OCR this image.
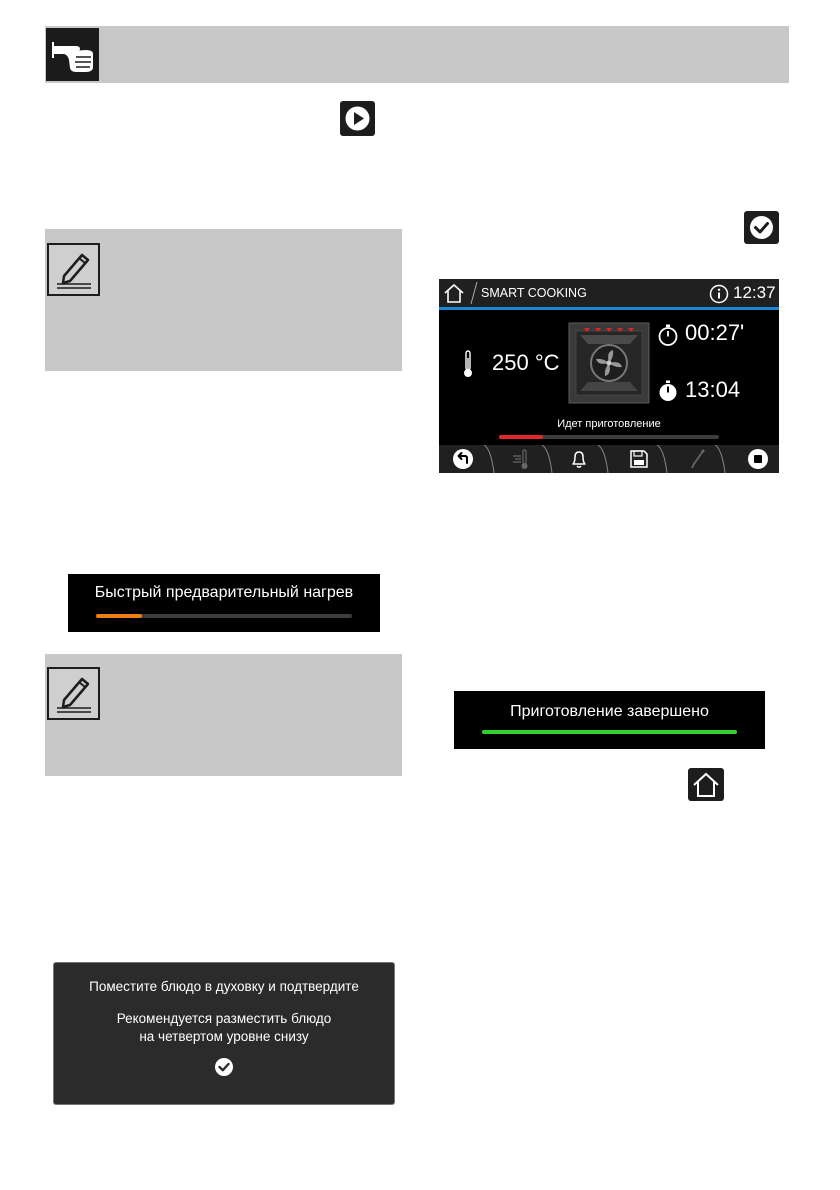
Быстрый предварительный нагрев
SMART COOKING	12:37
250 °C
00:27'
13:04
Идет приготовление
Приготовление завершено
Поместите блюдо в духовку и подтвердите
Рекомендуется разместить блюдо
на четвертом уровне снизу
